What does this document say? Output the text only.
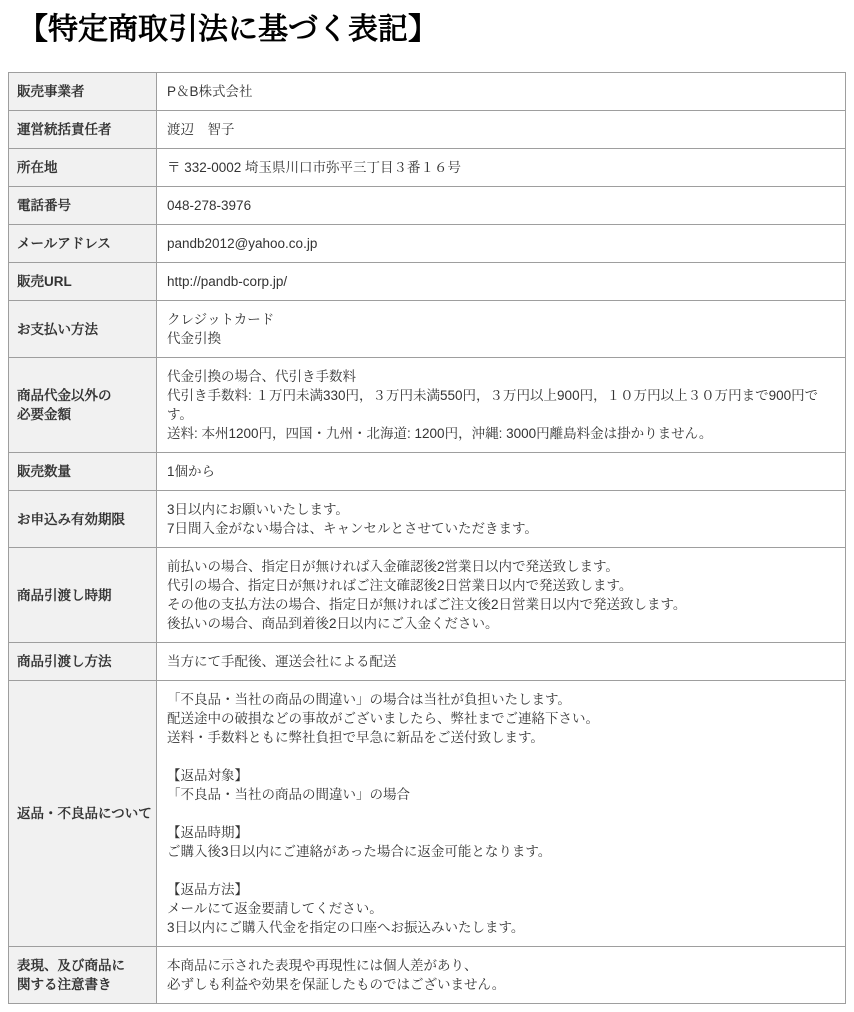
【特定商取引法に基づく表記】
販売事業者	P＆B株式会社
運営統括責任者	渡辺　智子
所在地	〒 332-0002 埼玉県川口市弥平三丁目３番１６号
電話番号	048-278-3976
メールアドレス	pandb2012@yahoo.co.jp
販売URL	http://pandb-corp.jp/
お支払い方法	クレジットカード
代金引換
商品代金以外の
必要金額	代金引換の場合、代引き手数料
代引き手数料: １万円未満330円，３万円未満550円，３万円以上900円，１０万円以上３０万円まで900円です。
送料: 本州1200円，四国・九州・北海道: 1200円，沖縄: 3000円離島料金は掛かりません。
販売数量	1個から
お申込み有効期限	3日以内にお願いいたします。
7日間入金がない場合は、キャンセルとさせていただきます。
商品引渡し時期	前払いの場合、指定日が無ければ入金確認後2営業日以内で発送致します。
代引の場合、指定日が無ければご注文確認後2日営業日以内で発送致します。
その他の支払方法の場合、指定日が無ければご注文後2日営業日以内で発送致します。
後払いの場合、商品到着後2日以内にご入金ください。
商品引渡し方法	当方にて手配後、運送会社による配送
返品・不良品について	「不良品・当社の商品の間違い」の場合は当社が負担いたします。
配送途中の破損などの事故がございましたら、弊社までご連絡下さい。
送料・手数料ともに弊社負担で早急に新品をご送付致します。

【返品対象】
「不良品・当社の商品の間違い」の場合

【返品時期】
ご購入後3日以内にご連絡があった場合に返金可能となります。

【返品方法】
メールにて返金要請してください。
3日以内にご購入代金を指定の口座へお振込みいたします。
表現、及び商品に
関する注意書き	本商品に示された表現や再現性には個人差があり、
必ずしも利益や効果を保証したものではございません。
